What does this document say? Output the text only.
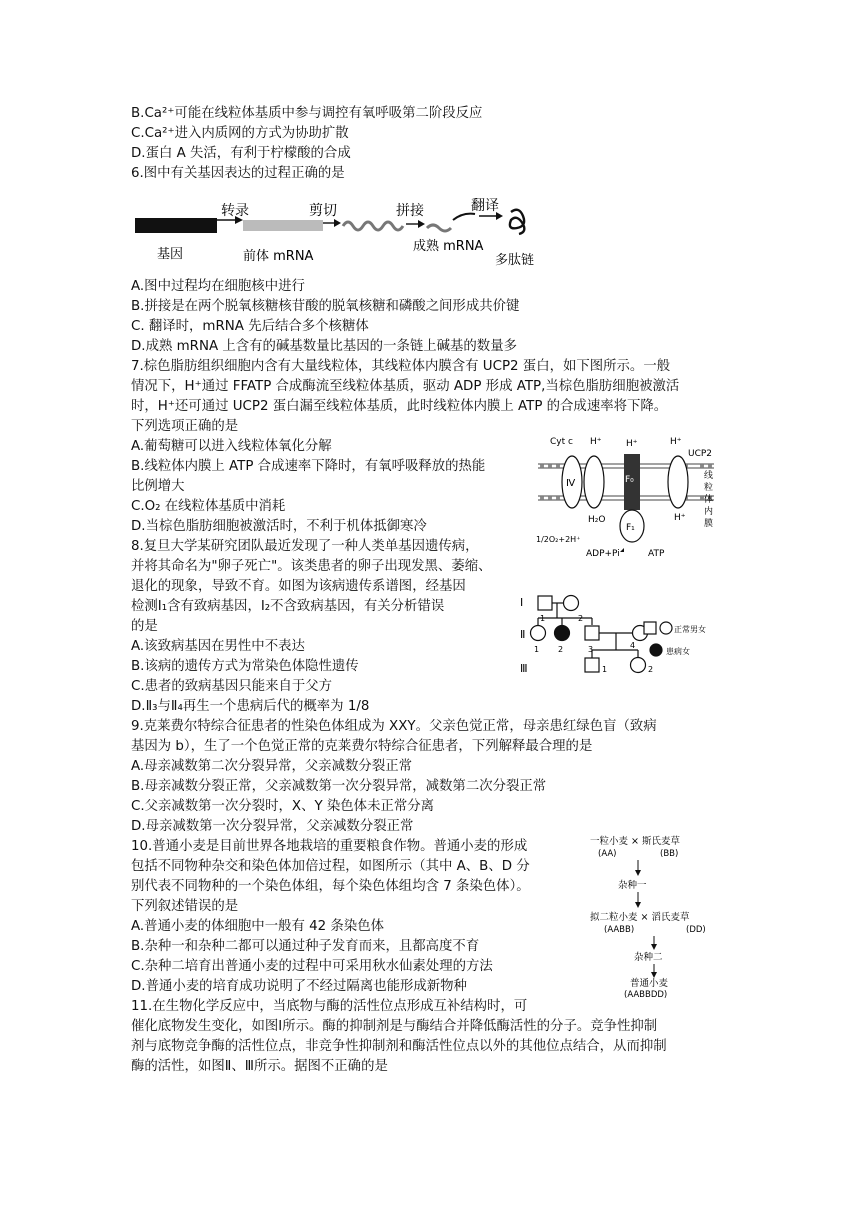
B.Ca²⁺可能在线粒体基质中参与调控有氧呼吸第二阶段反应
C.Ca²⁺进入内质网的方式为协助扩散
D.蛋白 A 失活，有利于柠檬酸的合成
6.图中有关基因表达的过程正确的是
转录	剪切	拼接	翻译
基因	前体 mRNA
成熟 mRNA
多肽链
A.图中过程均在细胞核中进行
B.拼接是在两个脱氧核糖核苷酸的脱氧核糖和磷酸之间形成共价键
C. 翻译时，mRNA 先后结合多个核糖体
D.成熟 mRNA 上含有的碱基数量比基因的一条链上碱基的数量多
7.棕色脂肪组织细胞内含有大量线粒体，其线粒体内膜含有 UCP2 蛋白，如下图所示。一般
情况下，H⁺通过 FFATP 合成酶流至线粒体基质，驱动 ADP 形成 ATP,当棕色脂肪细胞被激活
时，H⁺还可通过 UCP2 蛋白漏至线粒体基质，此时线粒体内膜上 ATP 的合成速率将下降。
下列选项正确的是
A.葡萄糖可以进入线粒体氧化分解
B.线粒体内膜上 ATP 合成速率下降时，有氧呼吸释放的热能
比例增大
C.O₂ 在线粒体基质中消耗
D.当棕色脂肪细胞被激活时，不利于机体抵御寒冷
Ⅳ	F₀
F₁
Cyt c H⁺	H⁺	H⁺
UCP2
H⁺
1/2O₂+2H⁺
H₂O
ADP+Pi	ATP
线
粒
体
内
膜
8.复旦大学某研究团队最近发现了一种人类单基因遗传病，
并将其命名为"卵子死亡"。该类患者的卵子出现发黑、萎缩、
退化的现象，导致不育。如图为该病遗传系谱图，经基因
检测Ⅰ₁含有致病基因，Ⅰ₂不含致病基因，有关分析错误
的是
A.该致病基因在男性中不表达
B.该病的遗传方式为常染色体隐性遗传
C.患者的致病基因只能来自于父方
D.Ⅱ₃与Ⅱ₄再生一个患病后代的概率为 1/8
Ⅰ
Ⅱ
Ⅲ
1	2
1 2	3	4
1	2
正常男女
患病女
9.克莱费尔特综合征患者的性染色体组成为 XXY。父亲色觉正常，母亲患红绿色盲（致病
基因为 b），生了一个色觉正常的克莱费尔特综合征患者，下列解释最合理的是
A.母亲减数第二次分裂异常，父亲减数分裂正常
B.母亲减数分裂正常，父亲减数第一次分裂异常，减数第二次分裂正常
C.父亲减数第一次分裂时，X、Y 染色体未正常分离
D.母亲减数第一次分裂异常，父亲减数分裂正常
10.普通小麦是目前世界各地栽培的重要粮食作物。普通小麦的形成
包括不同物种杂交和染色体加倍过程，如图所示（其中 A、B、D 分
别代表不同物种的一个染色体组，每个染色体组均含 7 条染色体）。
下列叙述错误的是
A.普通小麦的体细胞中一般有 42 条染色体
B.杂种一和杂种二都可以通过种子发育而来，且都高度不育
C.杂种二培育出普通小麦的过程中可采用秋水仙素处理的方法
D.普通小麦的培育成功说明了不经过隔离也能形成新物种
一粒小麦 × 斯氏麦草
(AA)	(BB)
杂种一
拟二粒小麦 × 滔氏麦草
(AABB)	(DD)
杂种二
普通小麦
(AABBDD)
11.在生物化学反应中，当底物与酶的活性位点形成互补结构时，可
催化底物发生变化，如图Ⅰ所示。酶的抑制剂是与酶结合并降低酶活性的分子。竞争性抑制
剂与底物竞争酶的活性位点，非竞争性抑制剂和酶活性位点以外的其他位点结合，从而抑制
酶的活性，如图Ⅱ、Ⅲ所示。据图不正确的是
